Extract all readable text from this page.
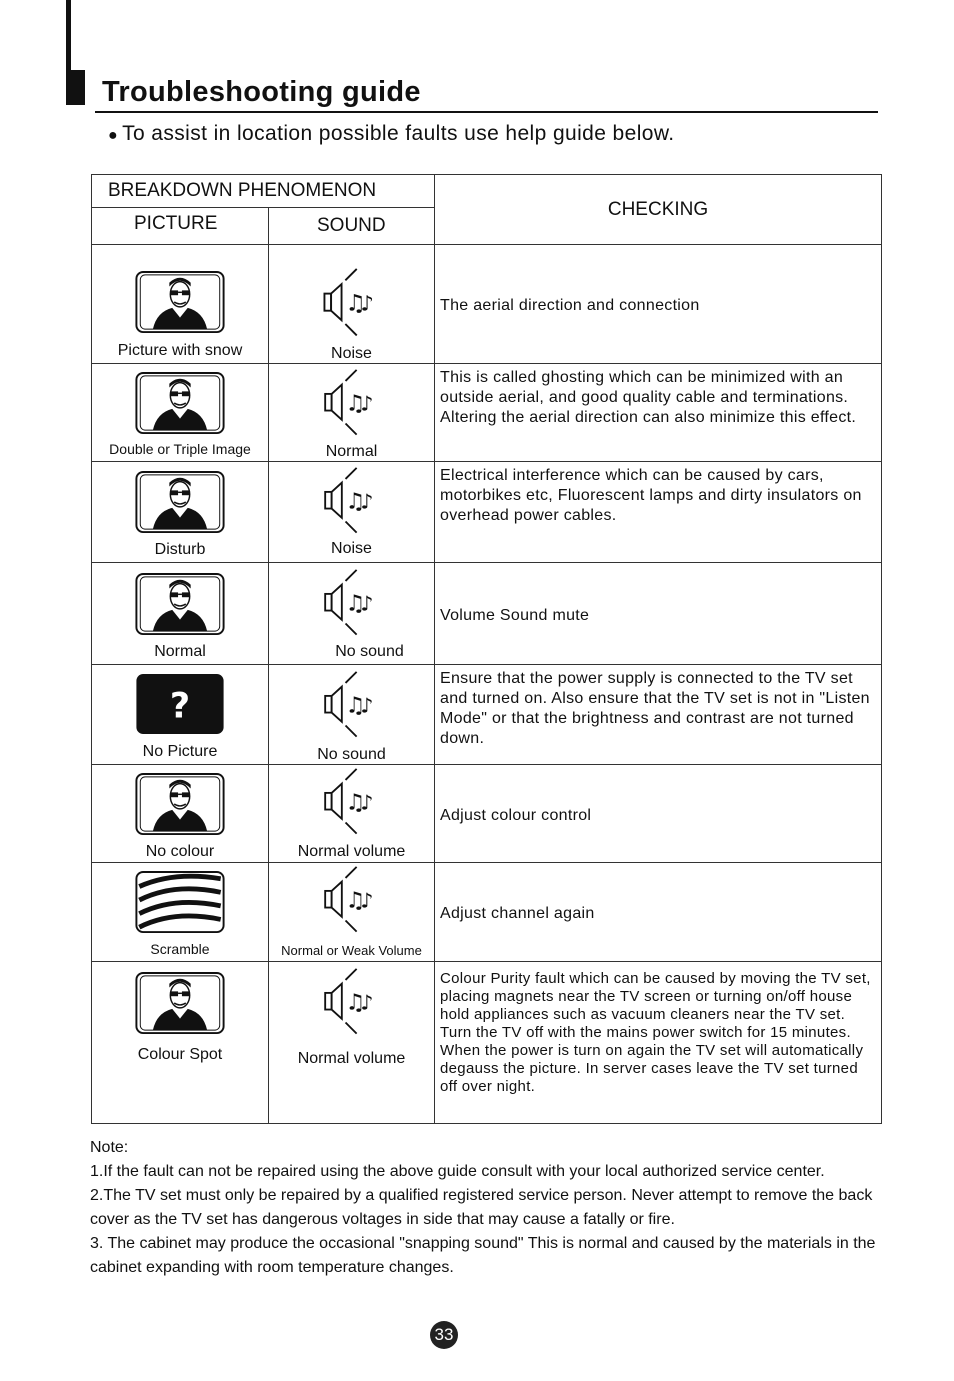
Troubleshooting guide
● To assist in location possible faults use help guide below.
BREAKDOWN PHENOMENON		CHECKING
PICTURE	SOUND	

Picture with snow	Noise	The aerial direction and connection

Double or Triple Image	Normal	This is called ghosting which can be minimized with an outside aerial, and good quality cable and terminations. Altering the aerial direction can also minimize this effect.

Disturb	Noise	Electrical interference which can be caused by cars, motorbikes etc, Fluorescent lamps and dirty insulators on overhead power cables.

Normal	No sound	Volume Sound mute

?
No Picture	No sound	Ensure that the power supply is connected to the TV set and turned on. Also ensure that the TV set is not in "Listen Mode" or that the brightness and contrast are not turned down.

No colour	Normal volume	Adjust colour control

Scramble	Normal or Weak Volume	Adjust channel again

Colour Spot	Normal volume	Colour Purity fault which can be caused by moving the TV set, placing magnets near the TV screen or turning on/off house hold appliances such as vacuum cleaners near the TV set. Turn the TV off with the mains power switch for 15 minutes. When the power is turn on again the TV set will automatically degauss the picture. In server cases leave the TV set turned off over night.
Note:
1.If the fault can not be repaired using the above guide consult with your local authorized service center.
2.The TV set must only be repaired by a qualified registered service person. Never attempt to remove the back cover as the TV set has dangerous voltages in side that may cause a fatally or fire.
3. The cabinet may produce the occasional "snapping sound" This is normal and caused by the materials in the cabinet expanding with room temperature changes.
33
